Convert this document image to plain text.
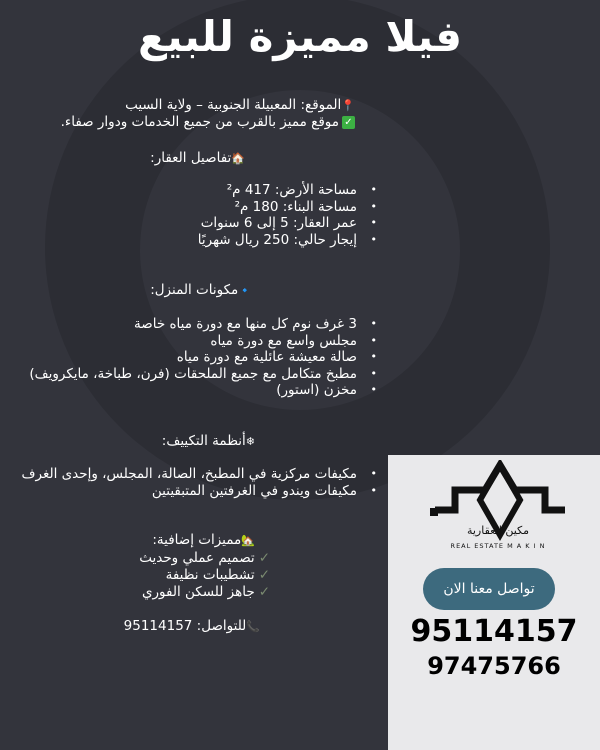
فيلا مميزة للبيع
📍الموقع: المعبيلة الجنوبية – ولاية السيب
✓موقع مميز بالقرب من جميع الخدمات ودوار صفاء.
🏠تفاصيل العقار:
• مساحة الأرض: 417 م²
• مساحة البناء: 180 م²
• عمر العقار: 5 إلى 6 سنوات
• إيجار حالي: 250 ريال شهريًا
🔹مكونات المنزل:
• 3 غرف نوم كل منها مع دورة مياه خاصة
• مجلس واسع مع دورة مياه
• صالة معيشة عائلية مع دورة مياه
• مطبخ متكامل مع جميع الملحقات (فرن، طباخة، مايكرويف)
• مخزن (استور)
❄أنظمة التكييف:
• مكيفات مركزية في المطبخ، الصالة، المجلس، وإحدى الغرف
• مكيفات ويندو في الغرفتين المتبقيتين
🏡مميزات إضافية:
✓تصميم عملي وحديث
✓تشطيبات نظيفة
✓جاهز للسكن الفوري
📞للتواصل: 95114157
مكين العقارية
REAL ESTATE M A K I N
تواصل معنا الان
95114157
97475766
